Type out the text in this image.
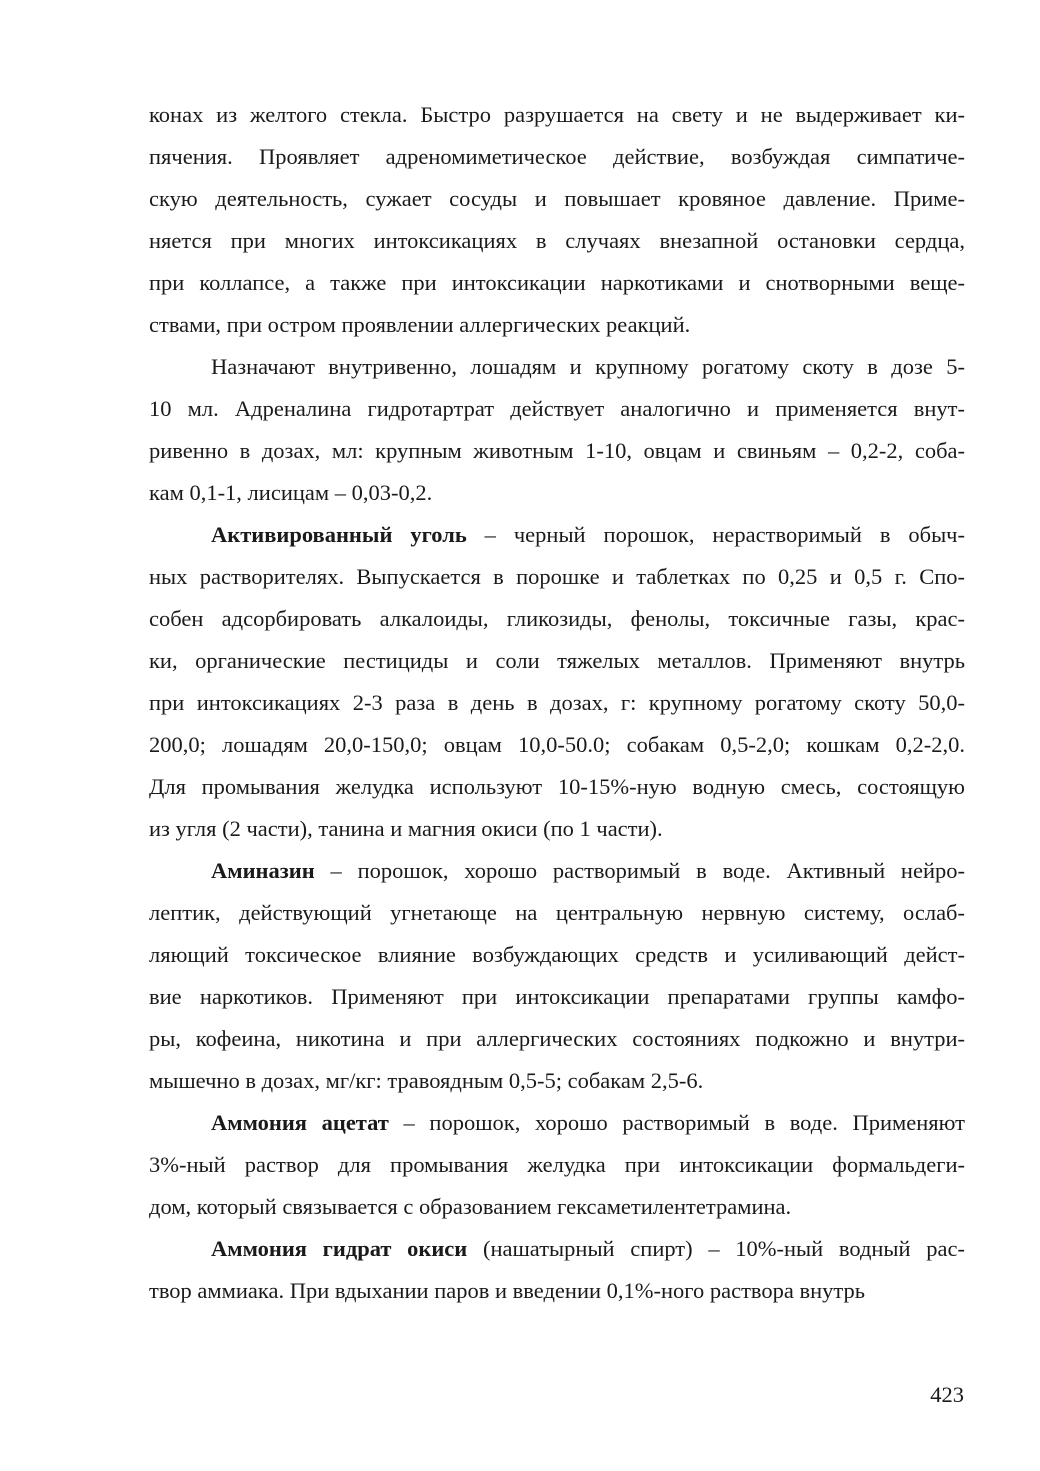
конах из желтого стекла. Быстро разрушается на свету и не выдерживает ки-
пячения. Проявляет адреномиметическое действие, возбуждая симпатиче-
скую деятельность, сужает сосуды и повышает кровяное давление. Приме-
няется при многих интоксикациях в случаях внезапной остановки сердца,
при коллапсе, а также при интоксикации наркотиками и снотворными веще-
ствами, при остром проявлении аллергических реакций.
Назначают внутривенно, лошадям и крупному рогатому скоту в дозе 5-
10 мл. Адреналина гидротартрат действует аналогично и применяется внут-
ривенно в дозах, мл: крупным животным 1-10, овцам и свиньям – 0,2-2, соба-
кам 0,1-1, лисицам – 0,03-0,2.
Активированный уголь – черный порошок, нерастворимый в обыч-
ных растворителях. Выпускается в порошке и таблетках по 0,25 и 0,5 г. Спо-
собен адсорбировать алкалоиды, гликозиды, фенолы, токсичные газы, крас-
ки, органические пестициды и соли тяжелых металлов. Применяют внутрь
при интоксикациях 2-3 раза в день в дозах, г: крупному рогатому скоту 50,0-
200,0; лошадям 20,0-150,0; овцам 10,0-50.0; собакам 0,5-2,0; кошкам 0,2-2,0.
Для промывания желудка используют 10-15%-ную водную смесь, состоящую
из угля (2 части), танина и магния окиси (по 1 части).
Аминазин – порошок, хорошо растворимый в воде. Активный нейро-
лептик, действующий угнетающе на центральную нервную систему, ослаб-
ляющий токсическое влияние возбуждающих средств и усиливающий дейст-
вие наркотиков. Применяют при интоксикации препаратами группы камфо-
ры, кофеина, никотина и при аллергических состояниях подкожно и внутри-
мышечно в дозах, мг/кг: травоядным 0,5-5; собакам 2,5-6.
Аммония ацетат – порошок, хорошо растворимый в воде. Применяют
3%-ный раствор для промывания желудка при интоксикации формальдеги-
дом, который связывается с образованием гексаметилентетрамина.
Аммония гидрат окиси (нашатырный спирт) – 10%-ный водный рас-
твор аммиака. При вдыхании паров и введении 0,1%-ного раствора внутрь
423
